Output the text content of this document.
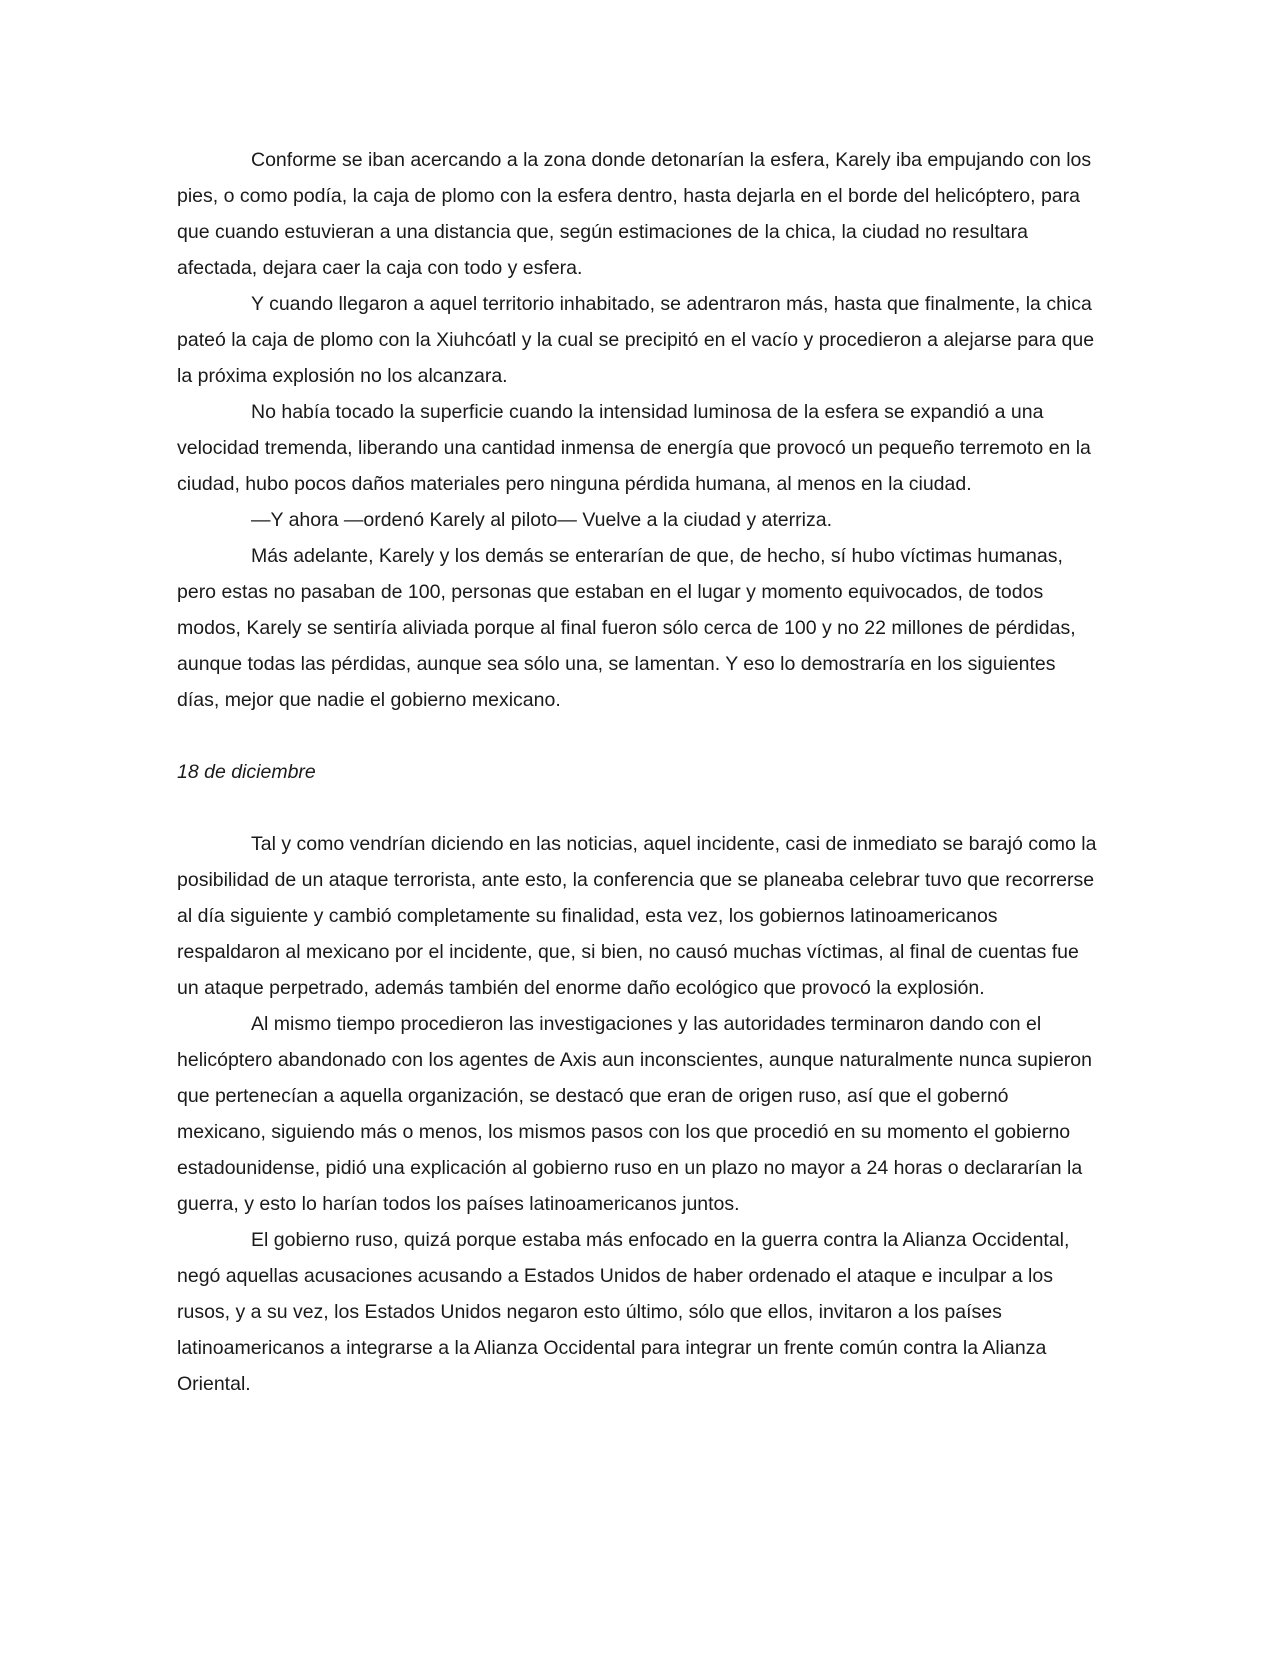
Conforme se iban acercando a la zona donde detonarían la esfera, Karely iba empujando con los pies, o como podía, la caja de plomo con la esfera dentro, hasta dejarla en el borde del helicóptero, para que cuando estuvieran a una distancia que, según estimaciones de la chica, la ciudad no resultara afectada, dejara caer la caja con todo y esfera.

Y cuando llegaron a aquel territorio inhabitado, se adentraron más, hasta que finalmente, la chica pateó la caja de plomo con la Xiuhcóatl y la cual se precipitó en el vacío y procedieron a alejarse para que la próxima explosión no los alcanzara.

No había tocado la superficie cuando la intensidad luminosa de la esfera se expandió a una velocidad tremenda, liberando una cantidad inmensa de energía que provocó un pequeño terremoto en la ciudad, hubo pocos daños materiales pero ninguna pérdida humana, al menos en la ciudad.

—Y ahora —ordenó Karely al piloto— Vuelve a la ciudad y aterriza.

Más adelante, Karely y los demás se enterarían de que, de hecho, sí hubo víctimas humanas, pero estas no pasaban de 100, personas que estaban en el lugar y momento equivocados, de todos modos, Karely se sentiría aliviada porque al final fueron sólo cerca de 100 y no 22 millones de pérdidas, aunque todas las pérdidas, aunque sea sólo una, se lamentan. Y eso lo demostraría en los siguientes días, mejor que nadie el gobierno mexicano.

18 de diciembre

Tal y como vendrían diciendo en las noticias, aquel incidente, casi de inmediato se barajó como la posibilidad de un ataque terrorista, ante esto, la conferencia que se planeaba celebrar tuvo que recorrerse al día siguiente y cambió completamente su finalidad, esta vez, los gobiernos latinoamericanos respaldaron al mexicano por el incidente, que, si bien, no causó muchas víctimas, al final de cuentas fue un ataque perpetrado, además también del enorme daño ecológico que provocó la explosión.

Al mismo tiempo procedieron las investigaciones y las autoridades terminaron dando con el helicóptero abandonado con los agentes de Axis aun inconscientes, aunque naturalmente nunca supieron que pertenecían a aquella organización, se destacó que eran de origen ruso, así que el gobernó mexicano, siguiendo más o menos, los mismos pasos con los que procedió en su momento el gobierno estadounidense, pidió una explicación al gobierno ruso en un plazo no mayor a 24 horas o declararían la guerra, y esto lo harían todos los países latinoamericanos juntos.

El gobierno ruso, quizá porque estaba más enfocado en la guerra contra la Alianza Occidental, negó aquellas acusaciones acusando a Estados Unidos de haber ordenado el ataque e inculpar a los rusos, y a su vez, los Estados Unidos negaron esto último, sólo que ellos, invitaron a los países latinoamericanos a integrarse a la Alianza Occidental para integrar un frente común contra la Alianza Oriental.
